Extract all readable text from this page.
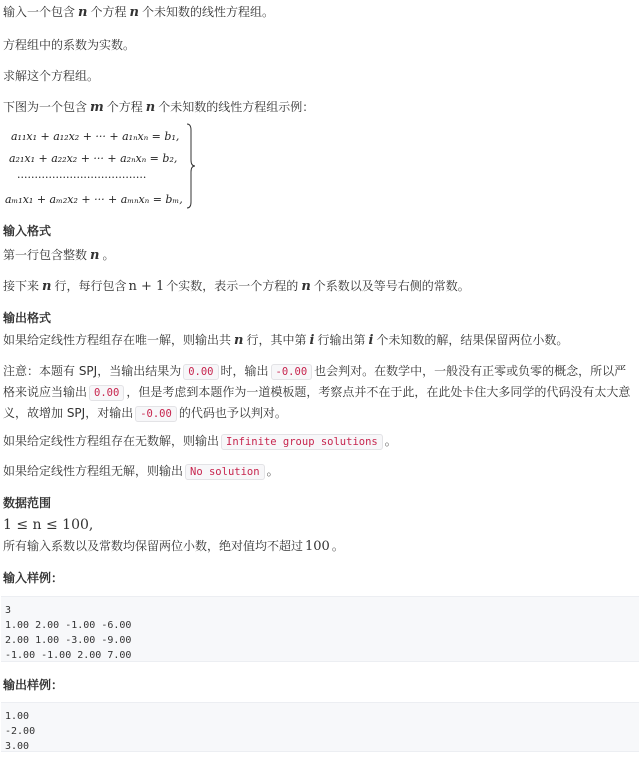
输入一个包含 n 个方程 n 个未知数的线性方程组。
方程组中的系数为实数。
求解这个方程组。
下图为一个包含 m 个方程 n 个未知数的线性方程组示例：
a₁₁x₁ + a₁₂x₂ + ··· + a₁ₙxₙ = b₁,
a₂₁x₁ + a₂₂x₂ + ··· + a₂ₙxₙ = b₂,
·····································
aₘ₁x₁ + aₘ₂x₂ + ··· + aₘₙxₙ = bₘ,
输入格式
第一行包含整数 n 。
接下来 n 行，每行包含 n + 1 个实数，表示一个方程的 n 个系数以及等号右侧的常数。
输出格式
如果给定线性方程组存在唯一解，则输出共 n 行，其中第 i 行输出第 i 个未知数的解，结果保留两位小数。
注意：本题有 SPJ，当输出结果为 0.00 时，输出 -0.00 也会判对。在数学中，一般没有正零或负零的概念，所以严格来说应当输出 0.00 ，但是考虑到本题作为一道模板题，考察点并不在于此，在此处卡住大多同学的代码没有太大意义，故增加 SPJ，对输出 -0.00 的代码也予以判对。
如果给定线性方程组存在无数解，则输出 Infinite group solutions 。
如果给定线性方程组无解，则输出 No solution 。
数据范围
1 ≤ n ≤ 100,
所有输入系数以及常数均保留两位小数，绝对值均不超过 100 。
输入样例：
3
1.00 2.00 -1.00 -6.00
2.00 1.00 -3.00 -9.00
-1.00 -1.00 2.00 7.00
输出样例：
1.00
-2.00
3.00
